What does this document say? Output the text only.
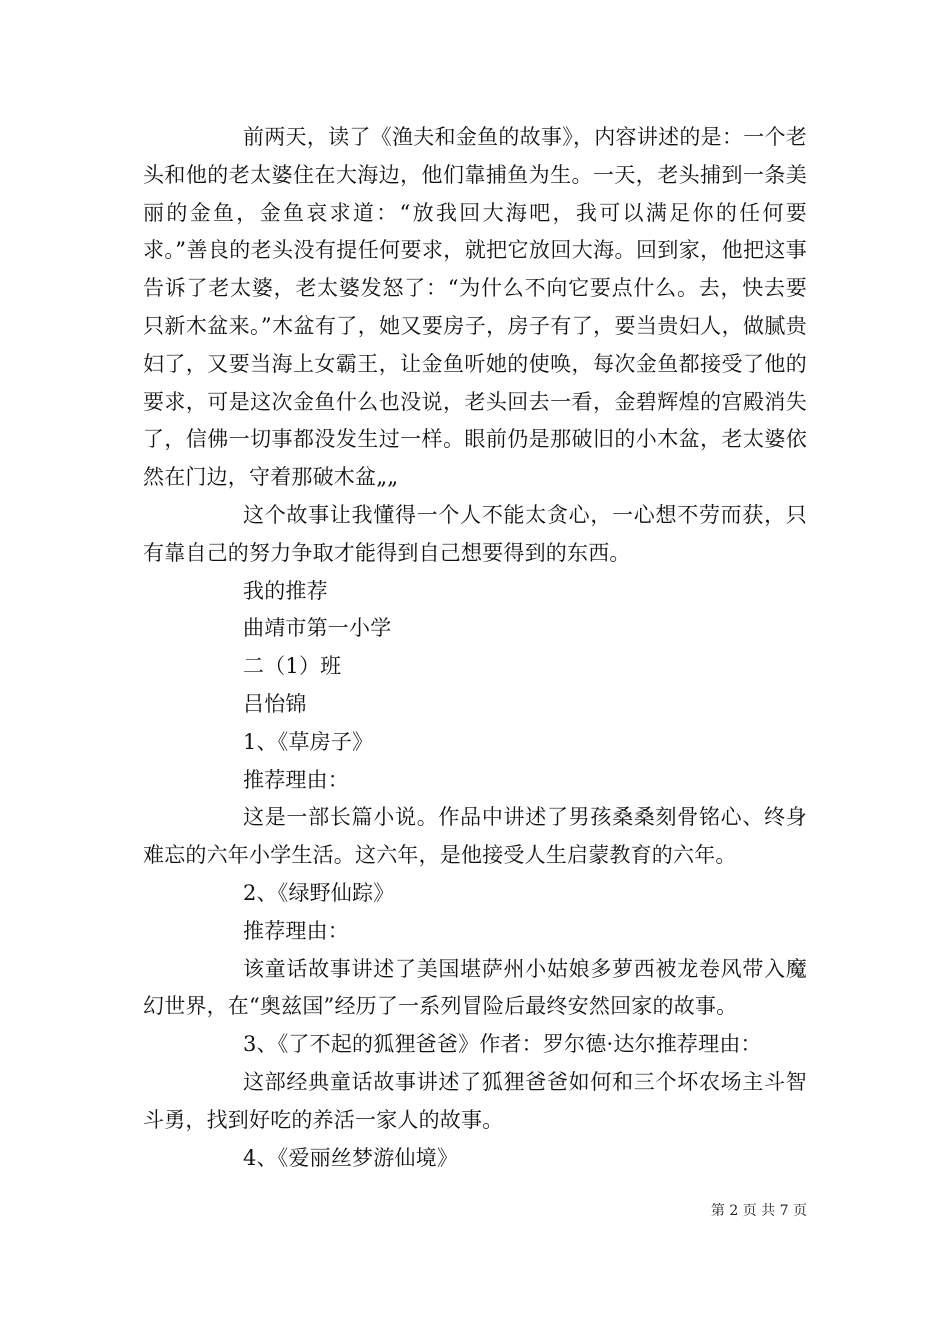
前两天，读了《渔夫和金鱼的故事》，内容讲述的是：一个老头和他的老太婆住在大海边，他们靠捕鱼为生。一天，老头捕到一条美丽的金鱼，金鱼哀求道：“放我回大海吧，我可以满足你的任何要求。”善良的老头没有提任何要求，就把它放回大海。回到家，他把这事告诉了老太婆，老太婆发怒了：“为什么不向它要点什么。去，快去要只新木盆来。”木盆有了，她又要房子，房子有了，要当贵妇人，做腻贵妇了，又要当海上女霸王，让金鱼听她的使唤，每次金鱼都接受了他的要求，可是这次金鱼什么也没说，老头回去一看，金碧辉煌的宫殿消失了，信佛一切事都没发生过一样。眼前仍是那破旧的小木盆，老太婆依然在门边，守着那破木盆„„

这个故事让我懂得一个人不能太贪心，一心想不劳而获，只有靠自己的努力争取才能得到自己想要得到的东西。

我的推荐

曲靖市第一小学

二（1）班

吕怡锦

1、《草房子》

推荐理由：

这是一部长篇小说。作品中讲述了男孩桑桑刻骨铭心、终身难忘的六年小学生活。这六年，是他接受人生启蒙教育的六年。

2、《绿野仙踪》

推荐理由：

该童话故事讲述了美国堪萨州小姑娘多萝西被龙卷风带入魔幻世界，在“奥兹国”经历了一系列冒险后最终安然回家的故事。

3、《了不起的狐狸爸爸》作者：罗尔德·达尔推荐理由：

这部经典童话故事讲述了狐狸爸爸如何和三个坏农场主斗智斗勇，找到好吃的养活一家人的故事。

4、《爱丽丝梦游仙境》

第 2 页 共 7 页
